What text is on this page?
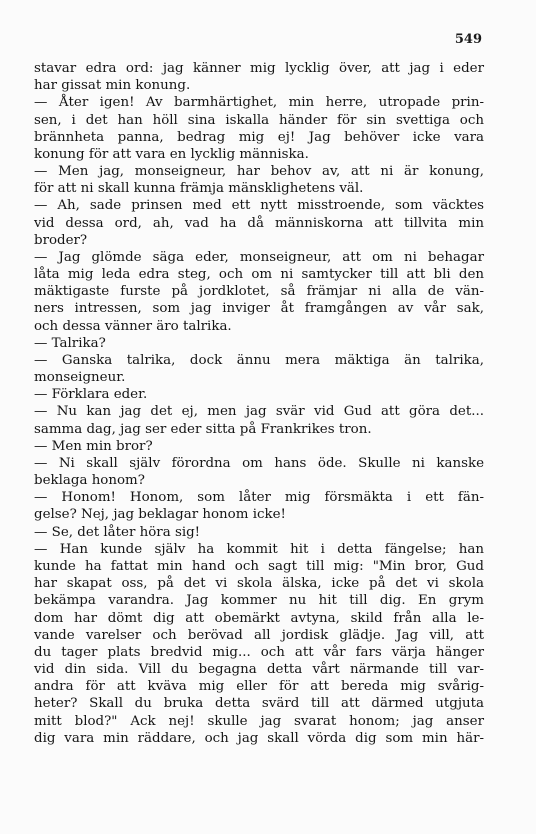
549
stavar edra ord: jag känner mig lycklig över, att jag i eder
har gissat min konung.
— Åter igen! Av barmhärtighet, min herre, utropade prin-
sen, i det han höll sina iskalla händer för sin svettiga och
brännheta panna, bedrag mig ej! Jag behöver icke vara
konung för att vara en lycklig människa.
— Men jag, monseigneur, har behov av, att ni är konung,
för att ni skall kunna främja mänsklighetens väl.
— Ah, sade prinsen med ett nytt misstroende, som väcktes
vid dessa ord, ah, vad ha då människorna att tillvita min
broder?
— Jag glömde säga eder, monseigneur, att om ni behagar
låta mig leda edra steg, och om ni samtycker till att bli den
mäktigaste furste på jordklotet, så främjar ni alla de vän-
ners intressen, som jag inviger åt framgången av vår sak,
och dessa vänner äro talrika.
— Talrika?
— Ganska talrika, dock ännu mera mäktiga än talrika,
monseigneur.
— Förklara eder.
— Nu kan jag det ej, men jag svär vid Gud att göra det...
samma dag, jag ser eder sitta på Frankrikes tron.
— Men min bror?
— Ni skall själv förordna om hans öde. Skulle ni kanske
beklaga honom?
— Honom! Honom, som låter mig försmäkta i ett fän-
gelse? Nej, jag beklagar honom icke!
— Se, det låter höra sig!
— Han kunde själv ha kommit hit i detta fängelse; han
kunde ha fattat min hand och sagt till mig: "Min bror, Gud
har skapat oss, på det vi skola älska, icke på det vi skola
bekämpa varandra. Jag kommer nu hit till dig. En grym
dom har dömt dig att obemärkt avtyna, skild från alla le-
vande varelser och berövad all jordisk glädje. Jag vill, att
du tager plats bredvid mig... och att vår fars värja hänger
vid din sida. Vill du begagna detta vårt närmande till var-
andra för att kväva mig eller för att bereda mig svårig-
heter? Skall du bruka detta svärd till att därmed utgjuta
mitt blod?" Ack nej! skulle jag svarat honom; jag anser
dig vara min räddare, och jag skall vörda dig som min här-
